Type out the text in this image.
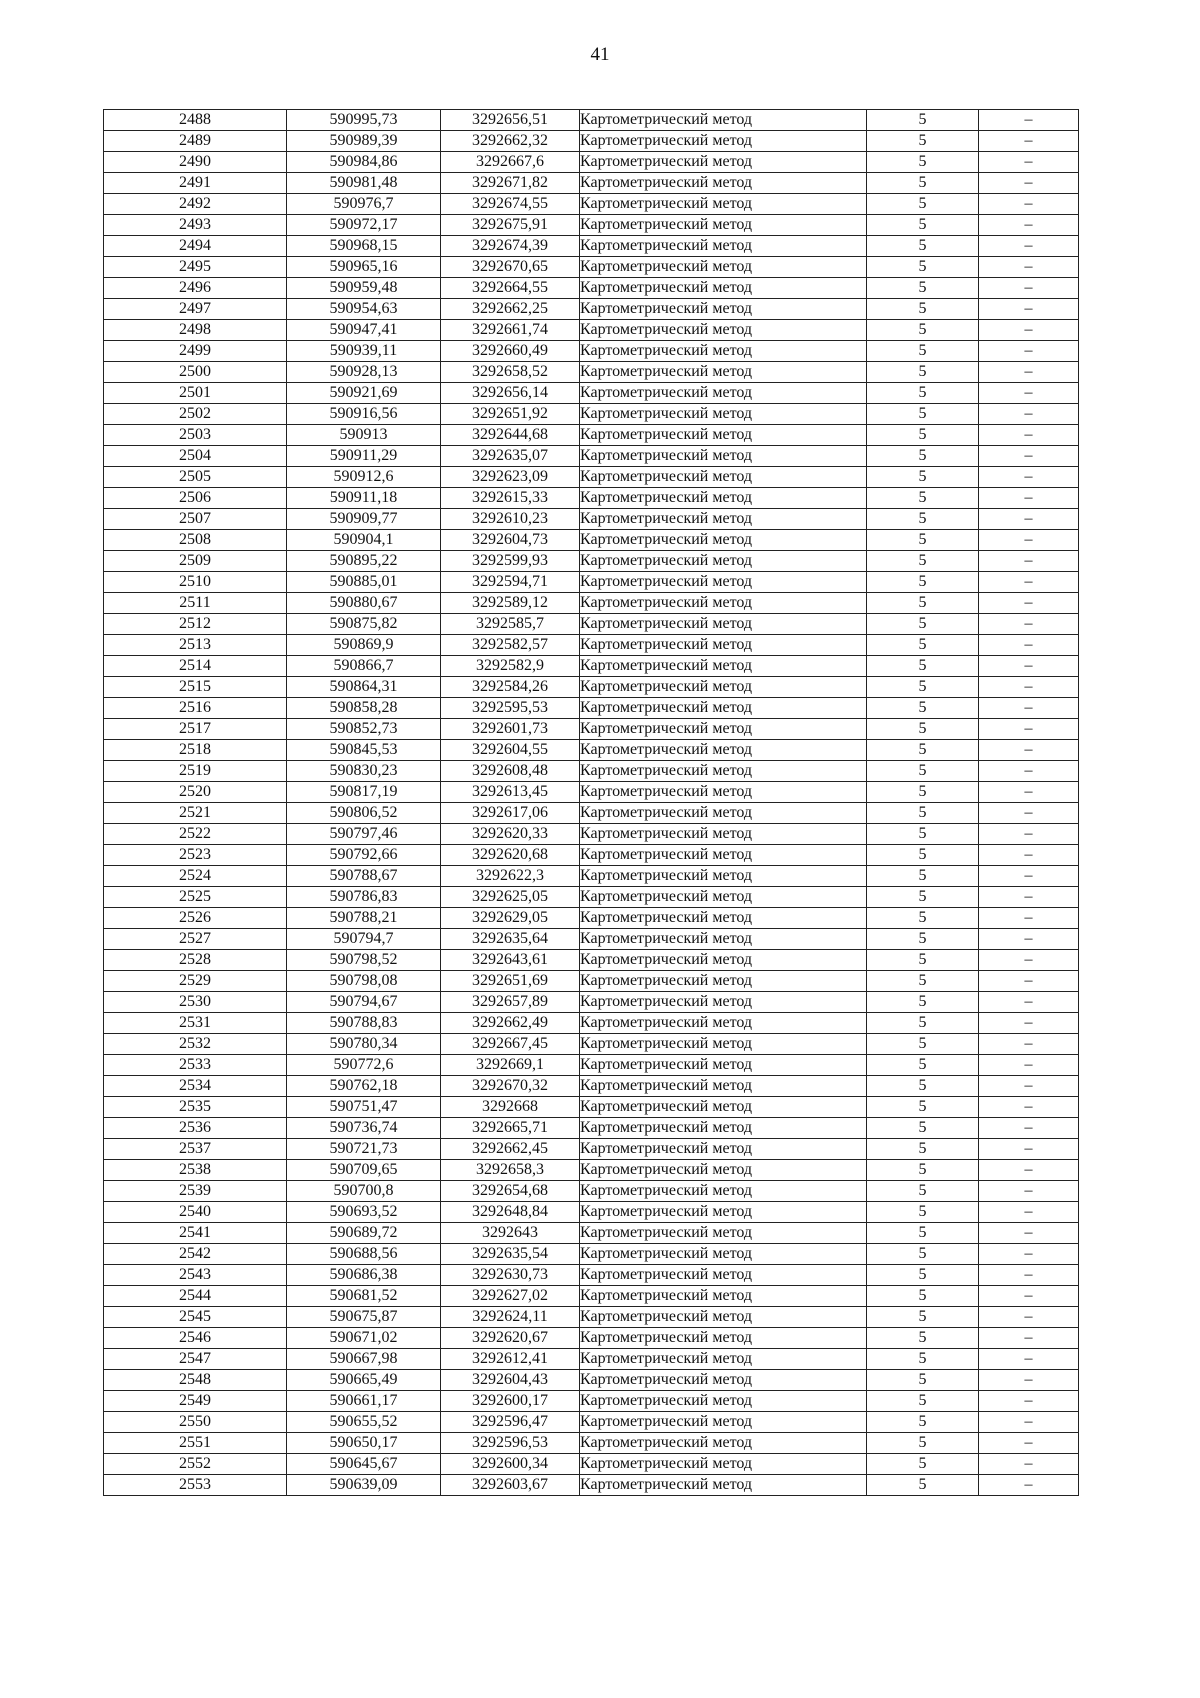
41
2488	590995,73	3292656,51	Картометрический метод	5	–
2489	590989,39	3292662,32	Картометрический метод	5	–
2490	590984,86	3292667,6	Картометрический метод	5	–
2491	590981,48	3292671,82	Картометрический метод	5	–
2492	590976,7	3292674,55	Картометрический метод	5	–
2493	590972,17	3292675,91	Картометрический метод	5	–
2494	590968,15	3292674,39	Картометрический метод	5	–
2495	590965,16	3292670,65	Картометрический метод	5	–
2496	590959,48	3292664,55	Картометрический метод	5	–
2497	590954,63	3292662,25	Картометрический метод	5	–
2498	590947,41	3292661,74	Картометрический метод	5	–
2499	590939,11	3292660,49	Картометрический метод	5	–
2500	590928,13	3292658,52	Картометрический метод	5	–
2501	590921,69	3292656,14	Картометрический метод	5	–
2502	590916,56	3292651,92	Картометрический метод	5	–
2503	590913	3292644,68	Картометрический метод	5	–
2504	590911,29	3292635,07	Картометрический метод	5	–
2505	590912,6	3292623,09	Картометрический метод	5	–
2506	590911,18	3292615,33	Картометрический метод	5	–
2507	590909,77	3292610,23	Картометрический метод	5	–
2508	590904,1	3292604,73	Картометрический метод	5	–
2509	590895,22	3292599,93	Картометрический метод	5	–
2510	590885,01	3292594,71	Картометрический метод	5	–
2511	590880,67	3292589,12	Картометрический метод	5	–
2512	590875,82	3292585,7	Картометрический метод	5	–
2513	590869,9	3292582,57	Картометрический метод	5	–
2514	590866,7	3292582,9	Картометрический метод	5	–
2515	590864,31	3292584,26	Картометрический метод	5	–
2516	590858,28	3292595,53	Картометрический метод	5	–
2517	590852,73	3292601,73	Картометрический метод	5	–
2518	590845,53	3292604,55	Картометрический метод	5	–
2519	590830,23	3292608,48	Картометрический метод	5	–
2520	590817,19	3292613,45	Картометрический метод	5	–
2521	590806,52	3292617,06	Картометрический метод	5	–
2522	590797,46	3292620,33	Картометрический метод	5	–
2523	590792,66	3292620,68	Картометрический метод	5	–
2524	590788,67	3292622,3	Картометрический метод	5	–
2525	590786,83	3292625,05	Картометрический метод	5	–
2526	590788,21	3292629,05	Картометрический метод	5	–
2527	590794,7	3292635,64	Картометрический метод	5	–
2528	590798,52	3292643,61	Картометрический метод	5	–
2529	590798,08	3292651,69	Картометрический метод	5	–
2530	590794,67	3292657,89	Картометрический метод	5	–
2531	590788,83	3292662,49	Картометрический метод	5	–
2532	590780,34	3292667,45	Картометрический метод	5	–
2533	590772,6	3292669,1	Картометрический метод	5	–
2534	590762,18	3292670,32	Картометрический метод	5	–
2535	590751,47	3292668	Картометрический метод	5	–
2536	590736,74	3292665,71	Картометрический метод	5	–
2537	590721,73	3292662,45	Картометрический метод	5	–
2538	590709,65	3292658,3	Картометрический метод	5	–
2539	590700,8	3292654,68	Картометрический метод	5	–
2540	590693,52	3292648,84	Картометрический метод	5	–
2541	590689,72	3292643	Картометрический метод	5	–
2542	590688,56	3292635,54	Картометрический метод	5	–
2543	590686,38	3292630,73	Картометрический метод	5	–
2544	590681,52	3292627,02	Картометрический метод	5	–
2545	590675,87	3292624,11	Картометрический метод	5	–
2546	590671,02	3292620,67	Картометрический метод	5	–
2547	590667,98	3292612,41	Картометрический метод	5	–
2548	590665,49	3292604,43	Картометрический метод	5	–
2549	590661,17	3292600,17	Картометрический метод	5	–
2550	590655,52	3292596,47	Картометрический метод	5	–
2551	590650,17	3292596,53	Картометрический метод	5	–
2552	590645,67	3292600,34	Картометрический метод	5	–
2553	590639,09	3292603,67	Картометрический метод	5	–
